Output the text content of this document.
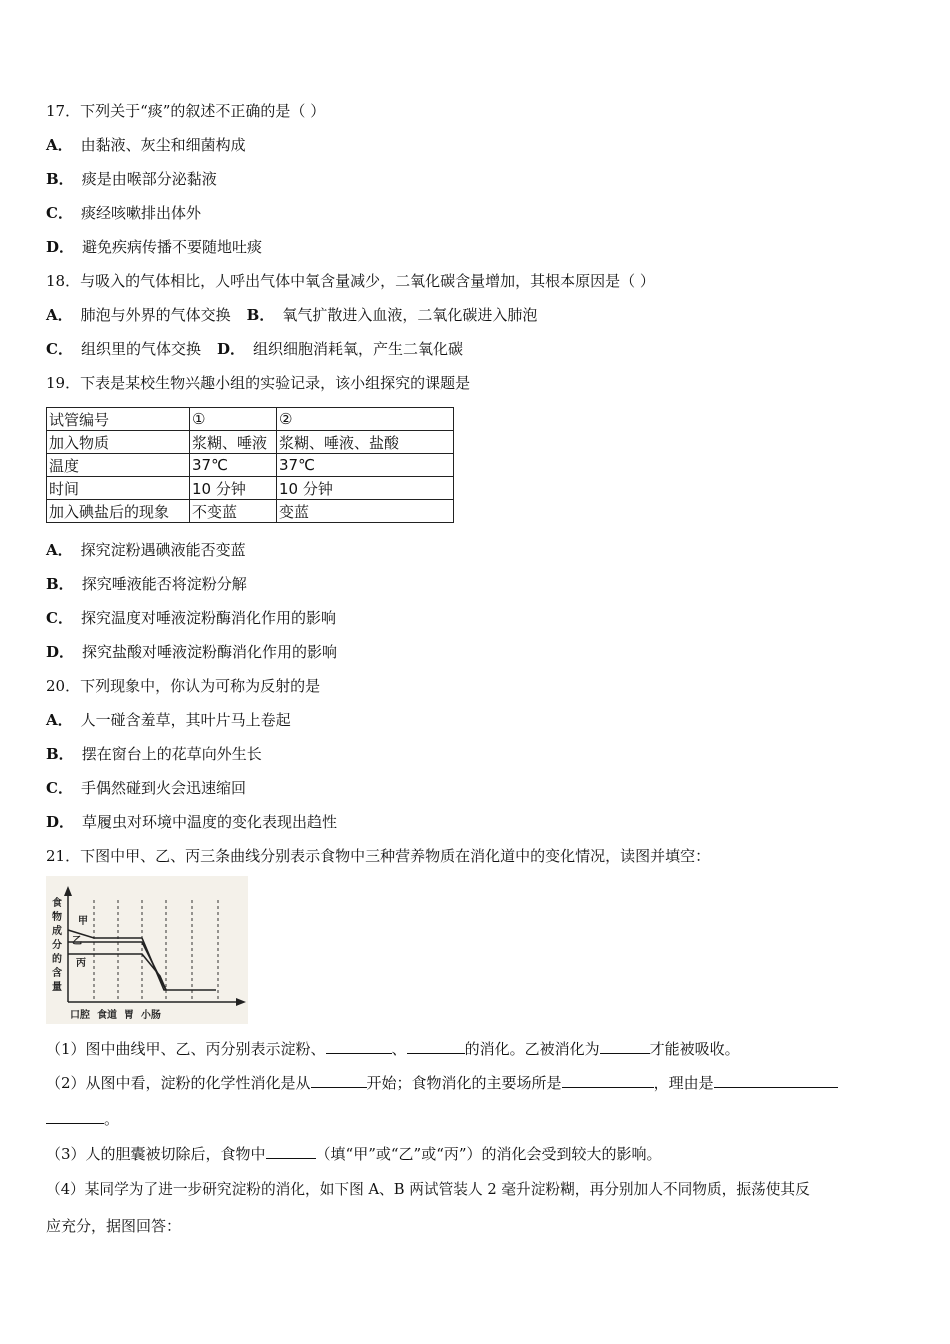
17．下列关于“痰”的叙述不正确的是（ ）
A． 由黏液、灰尘和细菌构成
B． 痰是由喉部分泌黏液
C． 痰经咳嗽排出体外
D． 避免疾病传播不要随地吐痰
18．与吸入的气体相比，人呼出气体中氧含量减少，二氧化碳含量增加，其根本原因是（ ）
A． 肺泡与外界的气体交换 B． 氧气扩散进入血液，二氧化碳进入肺泡
C． 组织里的气体交换 D． 组织细胞消耗氧，产生二氧化碳
19．下表是某校生物兴趣小组的实验记录，该小组探究的课题是
试管编号	①	②
加入物质	浆糊、唾液	浆糊、唾液、盐酸
温度	37℃	37℃
时间	10 分钟	10 分钟
加入碘盐后的现象	不变蓝	变蓝
A． 探究淀粉遇碘液能否变蓝
B． 探究唾液能否将淀粉分解
C． 探究温度对唾液淀粉酶消化作用的影响
D． 探究盐酸对唾液淀粉酶消化作用的影响
20．下列现象中，你认为可称为反射的是
A． 人一碰含羞草，其叶片马上卷起
B． 摆在窗台上的花草向外生长
C． 手偶然碰到火会迅速缩回
D． 草履虫对环境中温度的变化表现出趋性
21．下图中甲、乙、丙三条曲线分别表示食物中三种营养物质在消化道中的变化情况，读图并填空：
食
物
成
分
的
含
量
甲
乙
丙
口腔  食道  胃  小肠
（1）图中曲线甲、乙、丙分别表示淀粉、	、	的消化。乙被消化为	才能被吸收。
（2）从图中看，淀粉的化学性消化是从	开始；食物消化的主要场所是	，理由是
。
（3）人的胆囊被切除后，食物中	（填“甲”或“乙”或“丙”）的消化会受到较大的影响。
（4）某同学为了进一步研究淀粉的消化，如下图 A、B 两试管装人 2 毫升淀粉糊，再分别加人不同物质，振荡使其反
应充分，据图回答：
